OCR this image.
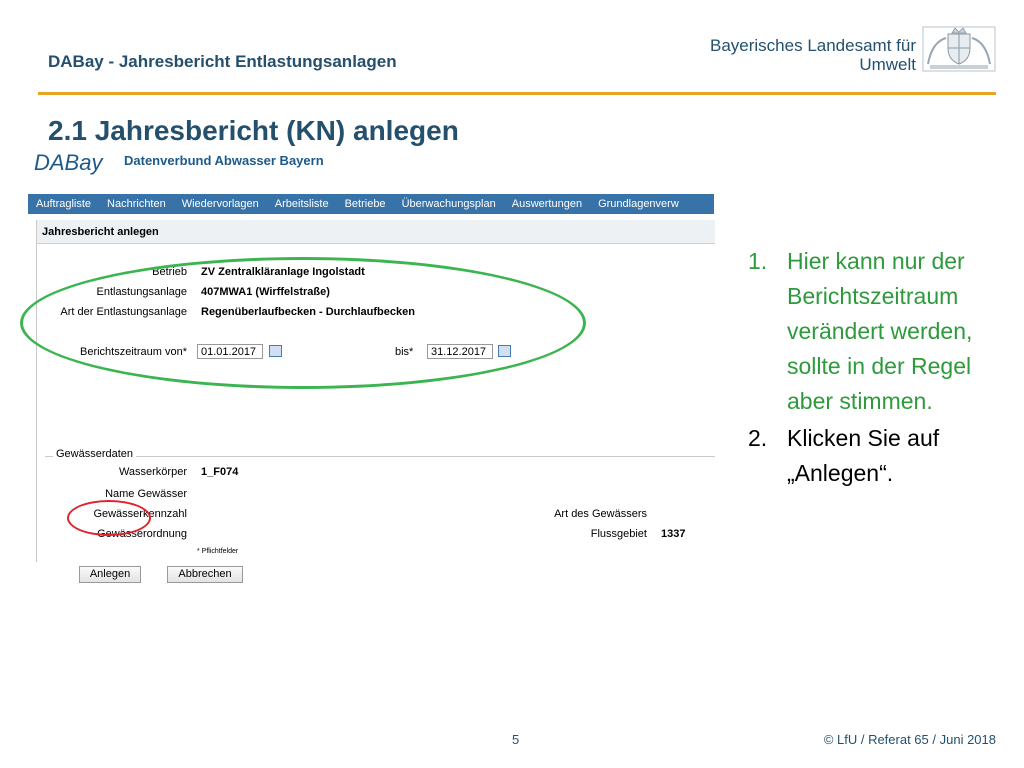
DABay - Jahresbericht Entlastungsanlagen
Bayerisches Landesamt für
Umwelt
2.1 Jahresbericht (KN) anlegen
DABay Datenverbund Abwasser Bayern
Auftragliste	Nachrichten	Wiedervorlagen	Arbeitsliste	Betriebe	Überwachungsplan	Auswertungen	Grundlagenverw
Jahresbericht anlegen
Betrieb ZV Zentralkläranlage Ingolstadt
Entlastungsanlage 407MWA1 (Wirffelstraße)
Art der Entlastungsanlage Regenüberlaufbecken - Durchlaufbecken
Berichtszeitraum von*	01.01.2017	bis*	31.12.2017
Gewässerdaten
Wasserkörper 1_F074
Name Gewässer
Gewässerkennzahl	Art des Gewässers
Gewässerordnung	Flussgebiet 1337
* Pflichtfelder
Anlegen	Abbrechen
1. Hier kann nur der Berichtszeitraum verändert werden, sollte in der Regel aber stimmen.
2. Klicken Sie auf „Anlegen“.
5	© LfU / Referat 65 / Juni 2018
